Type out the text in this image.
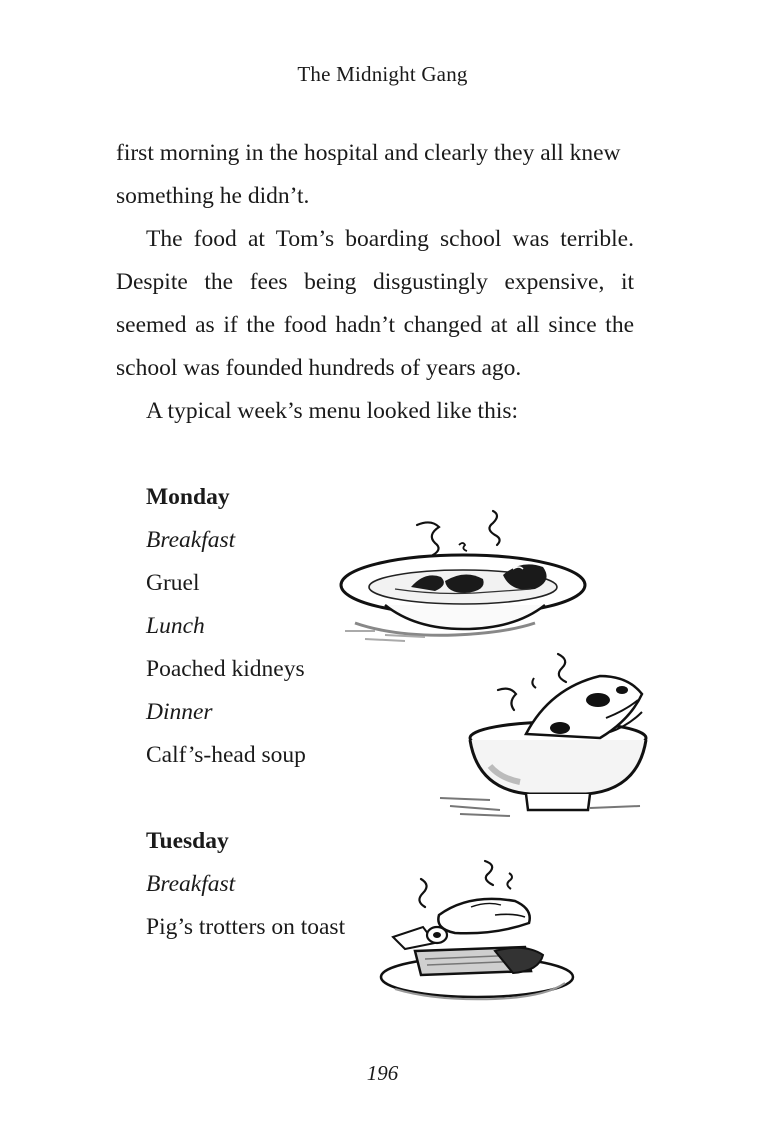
The Midnight Gang

first morning in the hospital and clearly they all knew something he didn’t.

The food at Tom’s boarding school was terrible. Despite the fees being disgustingly expensive, it seemed as if the food hadn’t changed at all since the school was founded hundreds of years ago.

A typical week’s menu looked like this:

Monday
Breakfast
Gruel
Lunch
Poached kidneys
Dinner
Calf’s-head soup
Tuesday
Breakfast
Pig’s trotters on toast
196
